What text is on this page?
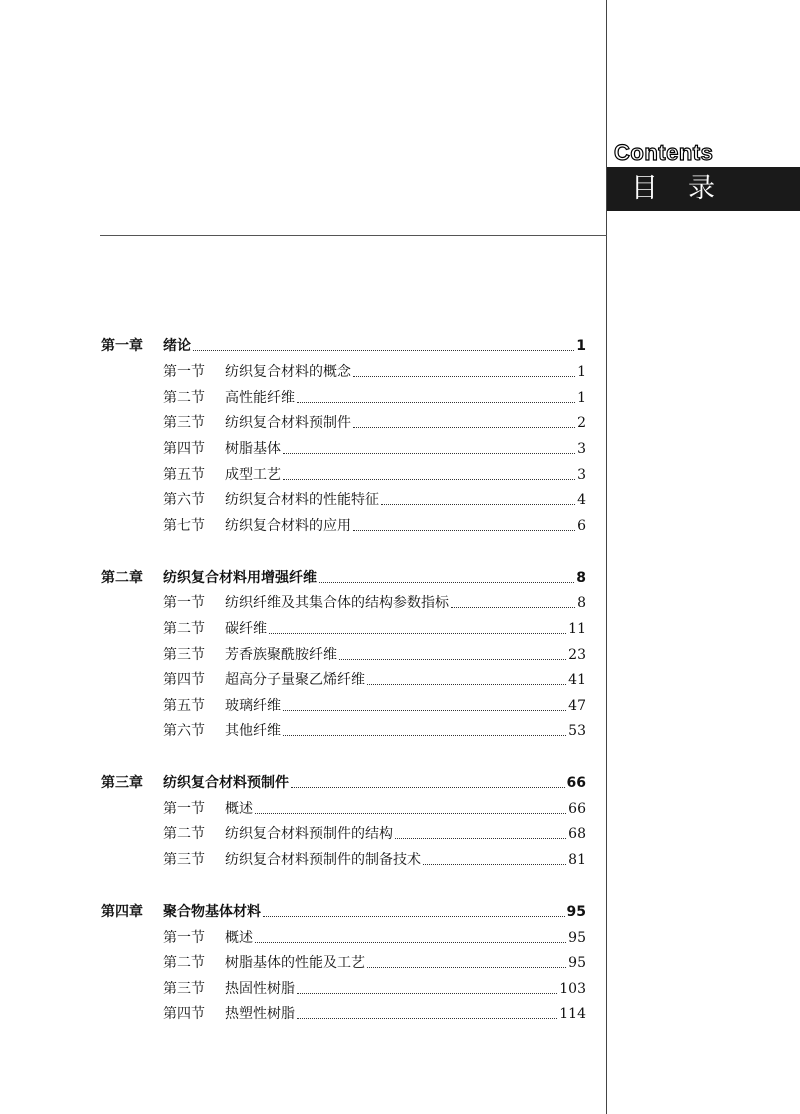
Contents
目录
第一章	绪论	1
第一节	纺织复合材料的概念	1
第二节	高性能纤维	1
第三节	纺织复合材料预制件	2
第四节	树脂基体	3
第五节	成型工艺	3
第六节	纺织复合材料的性能特征	4
第七节	纺织复合材料的应用	6
第二章	纺织复合材料用增强纤维	8
第一节	纺织纤维及其集合体的结构参数指标	8
第二节	碳纤维	11
第三节	芳香族聚酰胺纤维	23
第四节	超高分子量聚乙烯纤维	41
第五节	玻璃纤维	47
第六节	其他纤维	53
第三章	纺织复合材料预制件	66
第一节	概述	66
第二节	纺织复合材料预制件的结构	68
第三节	纺织复合材料预制件的制备技术	81
第四章	聚合物基体材料	95
第一节	概述	95
第二节	树脂基体的性能及工艺	95
第三节	热固性树脂	103
第四节	热塑性树脂	114
